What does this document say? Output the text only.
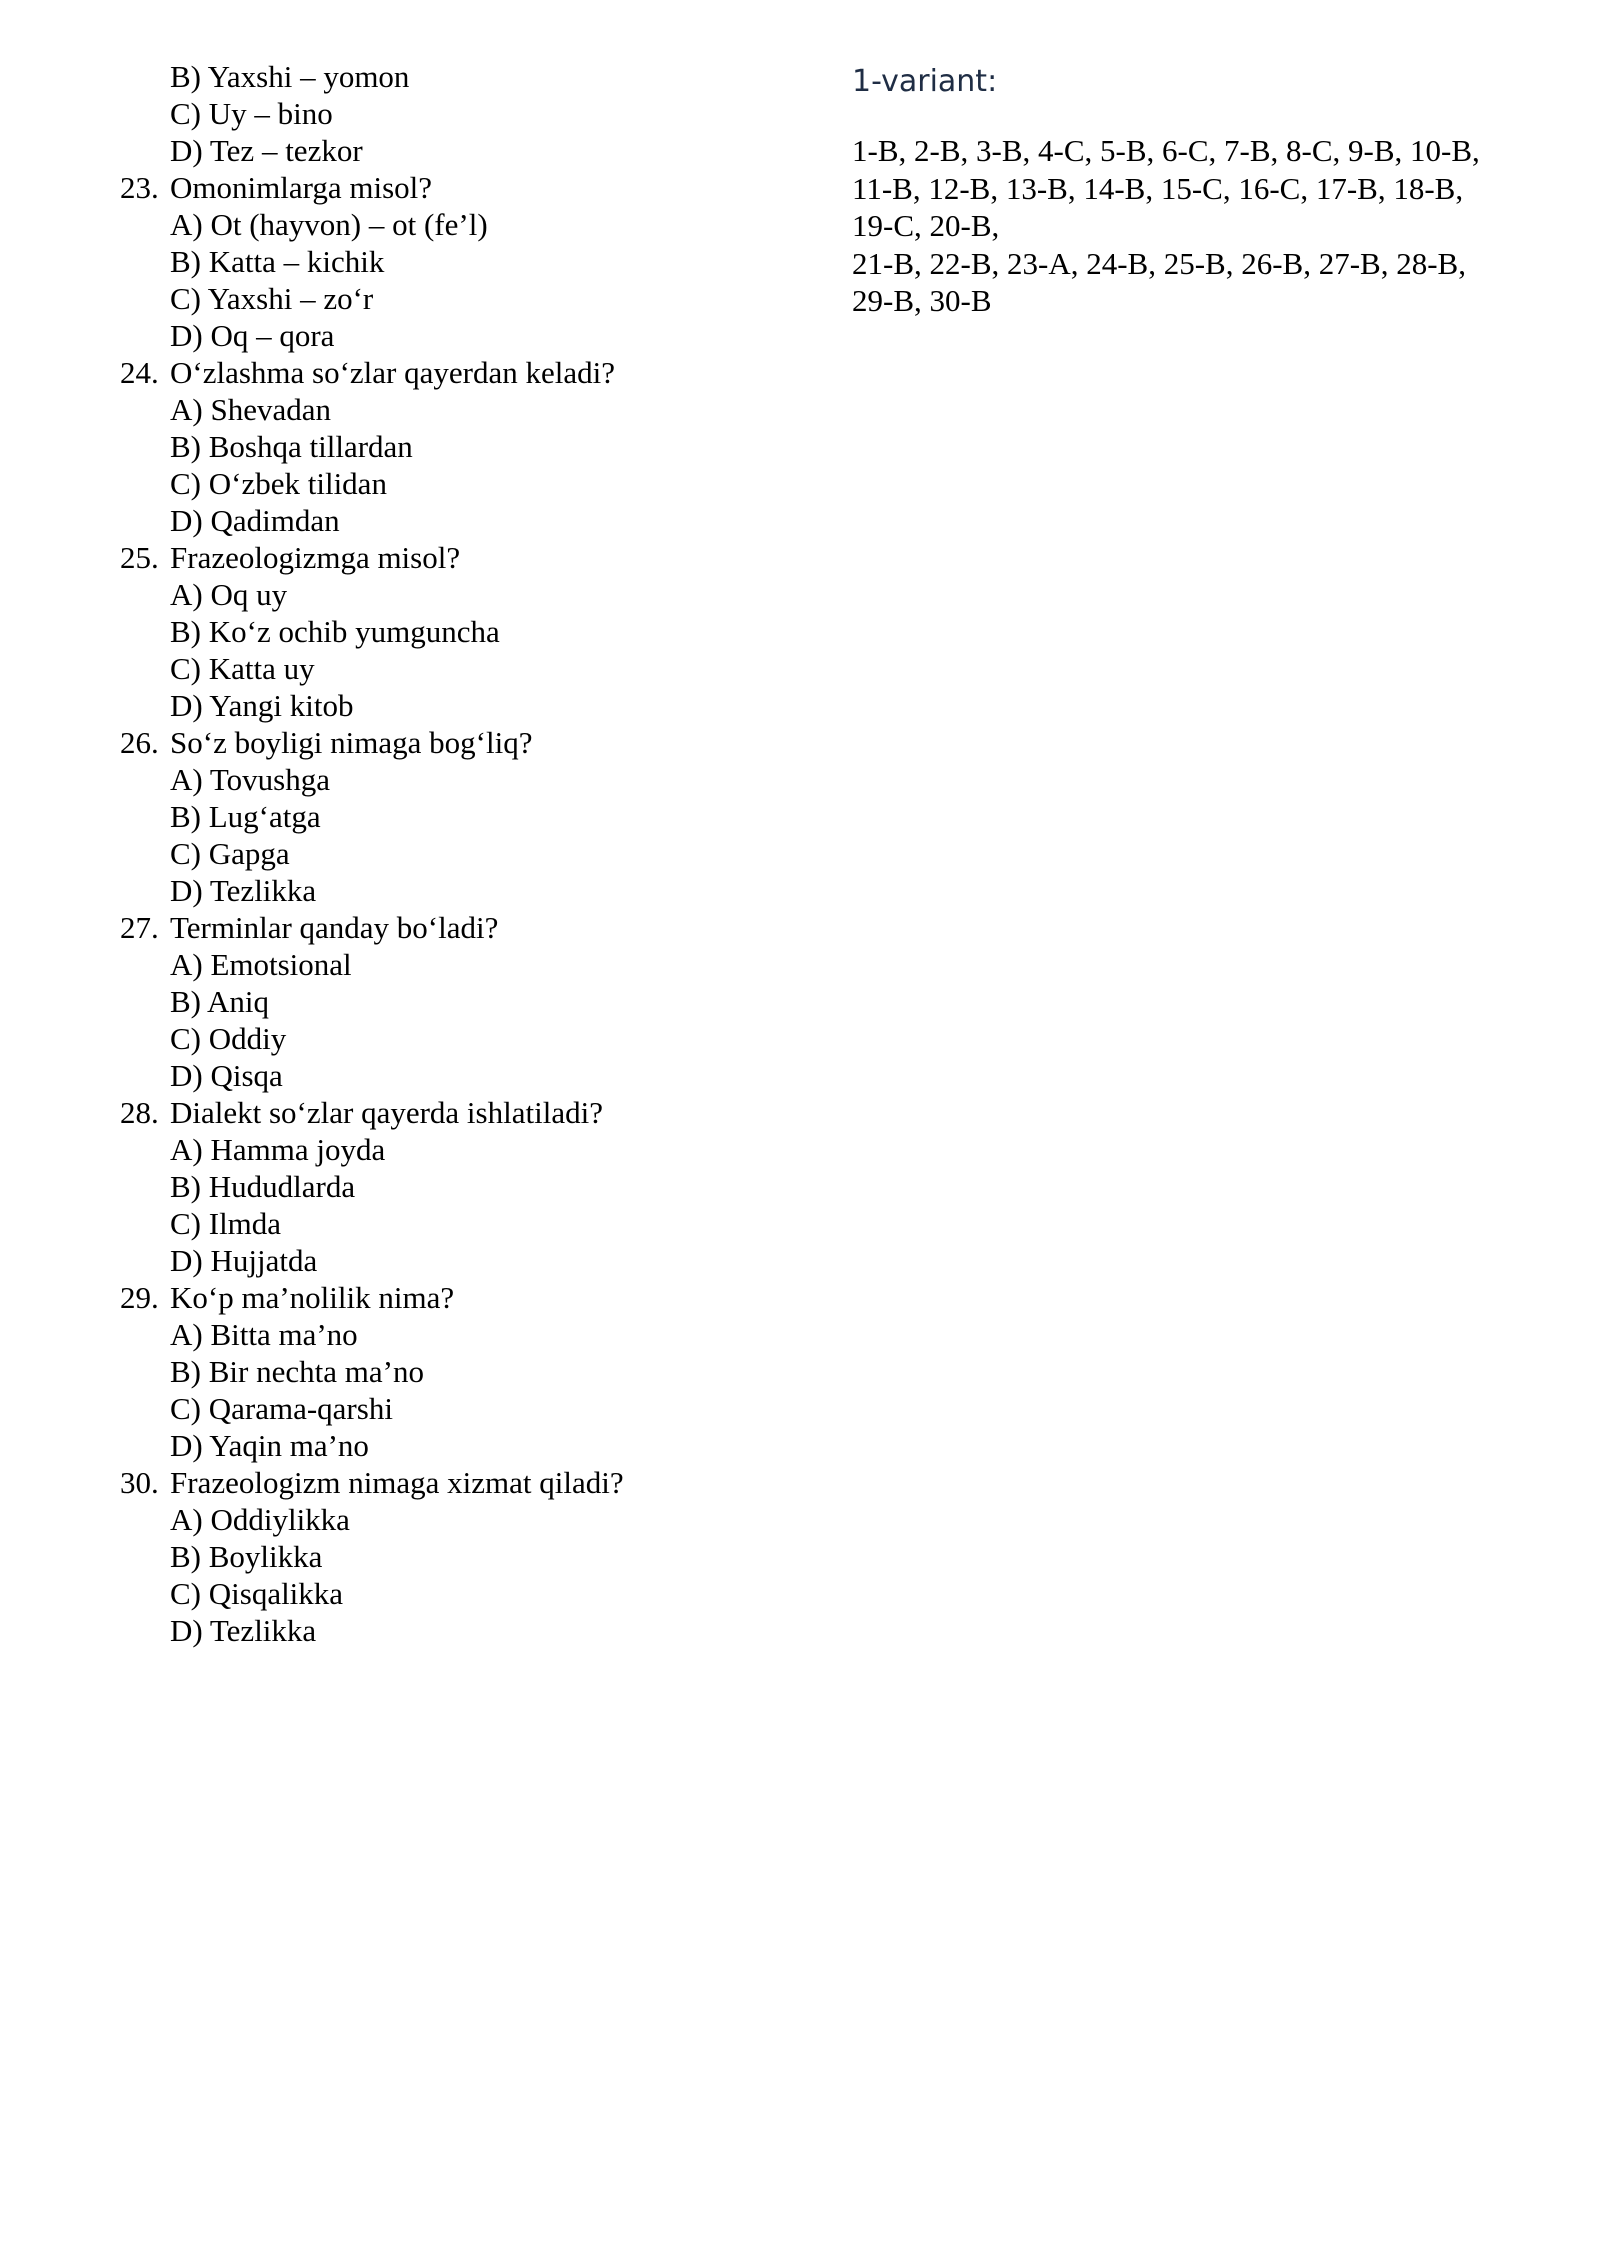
B) Yaxshi – yomon
C) Uy – bino
D) Tez – tezkor
23. Omonimlarga misol?
A) Ot (hayvon) – ot (fe’l)
B) Katta – kichik
C) Yaxshi – zo‘r
D) Oq – qora
24. O‘zlashma so‘zlar qayerdan keladi?
A) Shevadan
B) Boshqa tillardan
C) O‘zbek tilidan
D) Qadimdan
25. Frazeologizmga misol?
A) Oq uy
B) Ko‘z ochib yumguncha
C) Katta uy
D) Yangi kitob
26. So‘z boyligi nimaga bog‘liq?
A) Tovushga
B) Lug‘atga
C) Gapga
D) Tezlikka
27. Terminlar qanday bo‘ladi?
A) Emotsional
B) Aniq
C) Oddiy
D) Qisqa
28. Dialekt so‘zlar qayerda ishlatiladi?
A) Hamma joyda
B) Hududlarda
C) Ilmda
D) Hujjatda
29. Ko‘p ma’nolilik nima?
A) Bitta ma’no
B) Bir nechta ma’no
C) Qarama-qarshi
D) Yaqin ma’no
30. Frazeologizm nimaga xizmat qiladi?
A) Oddiylikka
B) Boylikka
C) Qisqalikka
D) Tezlikka
1-variant:
1-B, 2-B, 3-B, 4-C, 5-B, 6-C, 7-B, 8-C, 9-B, 10-B,
11-B, 12-B, 13-B, 14-B, 15-C, 16-C, 17-B, 18-B,
19-C, 20-B,
21-B, 22-B, 23-A, 24-B, 25-B, 26-B, 27-B, 28-B,
29-B, 30-B
